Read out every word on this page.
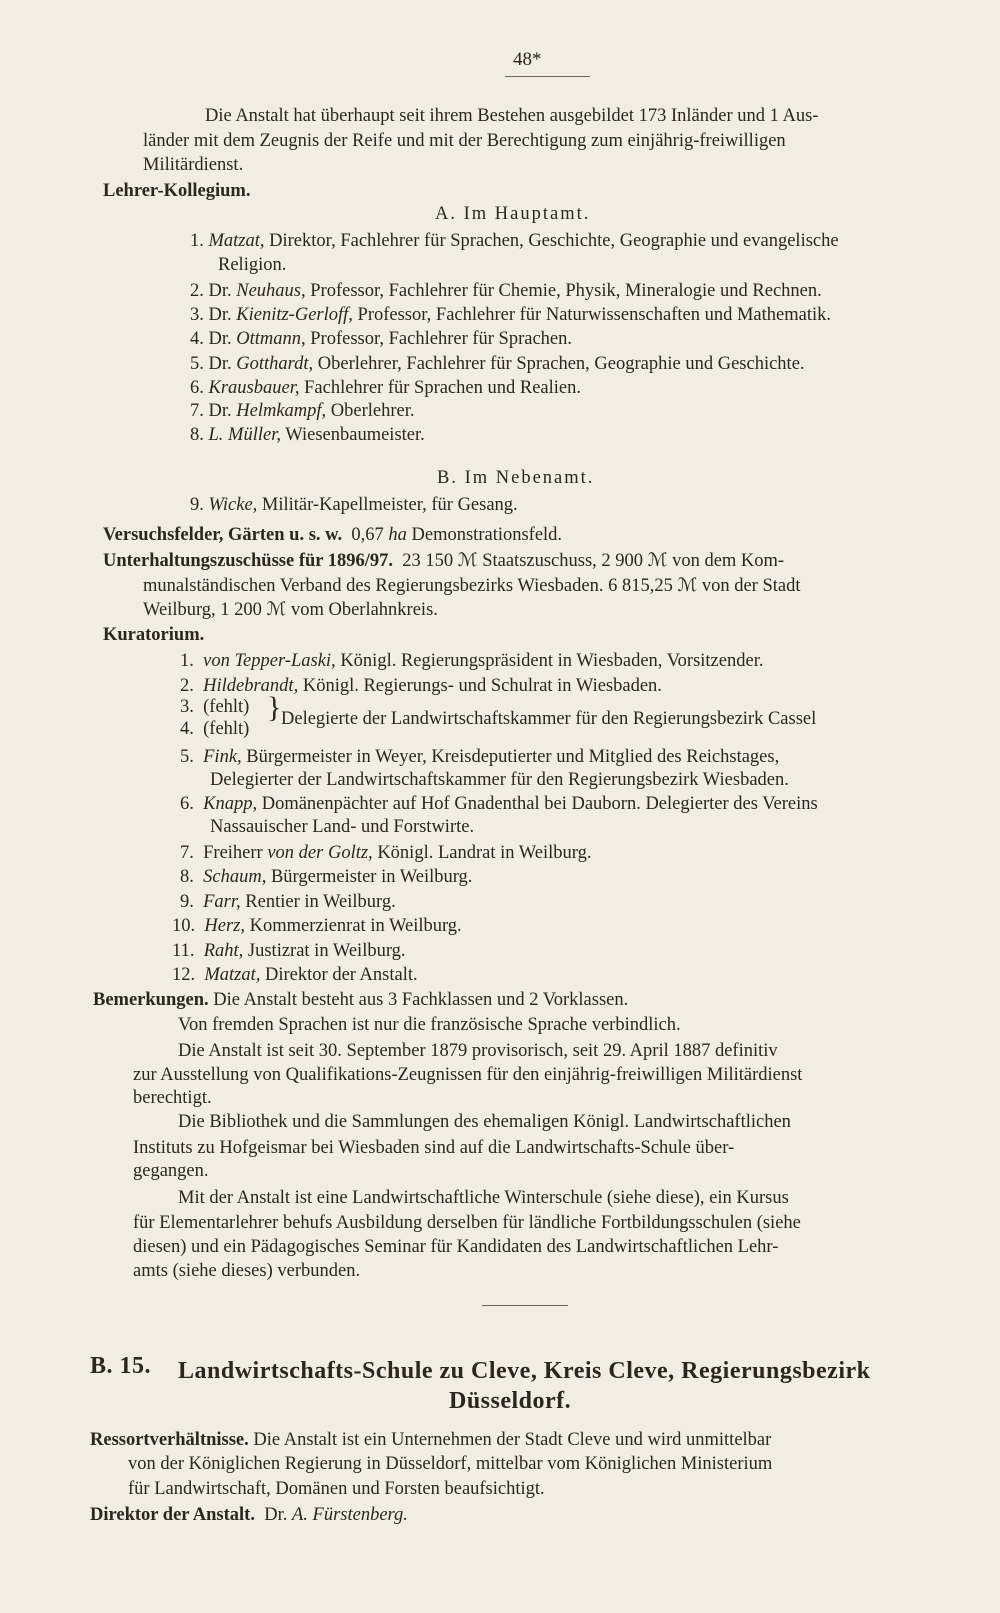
48*
Die Anstalt hat überhaupt seit ihrem Bestehen ausgebildet 173 Inländer und 1 Aus-
länder mit dem Zeugnis der Reife und mit der Berechtigung zum einjährig-freiwilligen
Militärdienst.
Lehrer-Kollegium.
A. Im Hauptamt.
1. Matzat, Direktor, Fachlehrer für Sprachen, Geschichte, Geographie und evangelische
Religion.
2. Dr. Neuhaus, Professor, Fachlehrer für Chemie, Physik, Mineralogie und Rechnen.
3. Dr. Kienitz-Gerloff, Professor, Fachlehrer für Naturwissenschaften und Mathematik.
4. Dr. Ottmann, Professor, Fachlehrer für Sprachen.
5. Dr. Gotthardt, Oberlehrer, Fachlehrer für Sprachen, Geographie und Geschichte.
6. Krausbauer, Fachlehrer für Sprachen und Realien.
7. Dr. Helmkampf, Oberlehrer.
8. L. Müller, Wiesenbaumeister.
B. Im Nebenamt.
9. Wicke, Militär-Kapellmeister, für Gesang.
Versuchsfelder, Gärten u. s. w. 0,67 ha Demonstrationsfeld.
Unterhaltungszuschüsse für 1896/97. 23 150 ℳ Staatszuschuss, 2 900 ℳ von dem Kom-
munalständischen Verband des Regierungsbezirks Wiesbaden. 6 815,25 ℳ von der Stadt
Weilburg, 1 200 ℳ vom Oberlahnkreis.
Kuratorium.
1. von Tepper-Laski, Königl. Regierungspräsident in Wiesbaden, Vorsitzender.
2. Hildebrandt, Königl. Regierungs- und Schulrat in Wiesbaden.
3. (fehlt)
4. (fehlt)
} Delegierte der Landwirtschaftskammer für den Regierungsbezirk Cassel
5. Fink, Bürgermeister in Weyer, Kreisdeputierter und Mitglied des Reichstages,
Delegierter der Landwirtschaftskammer für den Regierungsbezirk Wiesbaden.
6. Knapp, Domänenpächter auf Hof Gnadenthal bei Dauborn. Delegierter des Vereins
Nassauischer Land- und Forstwirte.
7. Freiherr von der Goltz, Königl. Landrat in Weilburg.
8. Schaum, Bürgermeister in Weilburg.
9. Farr, Rentier in Weilburg.
10. Herz, Kommerzienrat in Weilburg.
11. Raht, Justizrat in Weilburg.
12. Matzat, Direktor der Anstalt.
Bemerkungen. Die Anstalt besteht aus 3 Fachklassen und 2 Vorklassen.
Von fremden Sprachen ist nur die französische Sprache verbindlich.
Die Anstalt ist seit 30. September 1879 provisorisch, seit 29. April 1887 definitiv
zur Ausstellung von Qualifikations-Zeugnissen für den einjährig-freiwilligen Militärdienst
berechtigt.
Die Bibliothek und die Sammlungen des ehemaligen Königl. Landwirtschaftlichen
Instituts zu Hofgeismar bei Wiesbaden sind auf die Landwirtschafts-Schule über-
gegangen.
Mit der Anstalt ist eine Landwirtschaftliche Winterschule (siehe diese), ein Kursus
für Elementarlehrer behufs Ausbildung derselben für ländliche Fortbildungsschulen (siehe
diesen) und ein Pädagogisches Seminar für Kandidaten des Landwirtschaftlichen Lehr-
amts (siehe dieses) verbunden.
B. 15. Landwirtschafts-Schule zu Cleve, Kreis Cleve, Regierungsbezirk
Düsseldorf.
Ressortverhältnisse. Die Anstalt ist ein Unternehmen der Stadt Cleve und wird unmittelbar
von der Königlichen Regierung in Düsseldorf, mittelbar vom Königlichen Ministerium
für Landwirtschaft, Domänen und Forsten beaufsichtigt.
Direktor der Anstalt. Dr. A. Fürstenberg.
